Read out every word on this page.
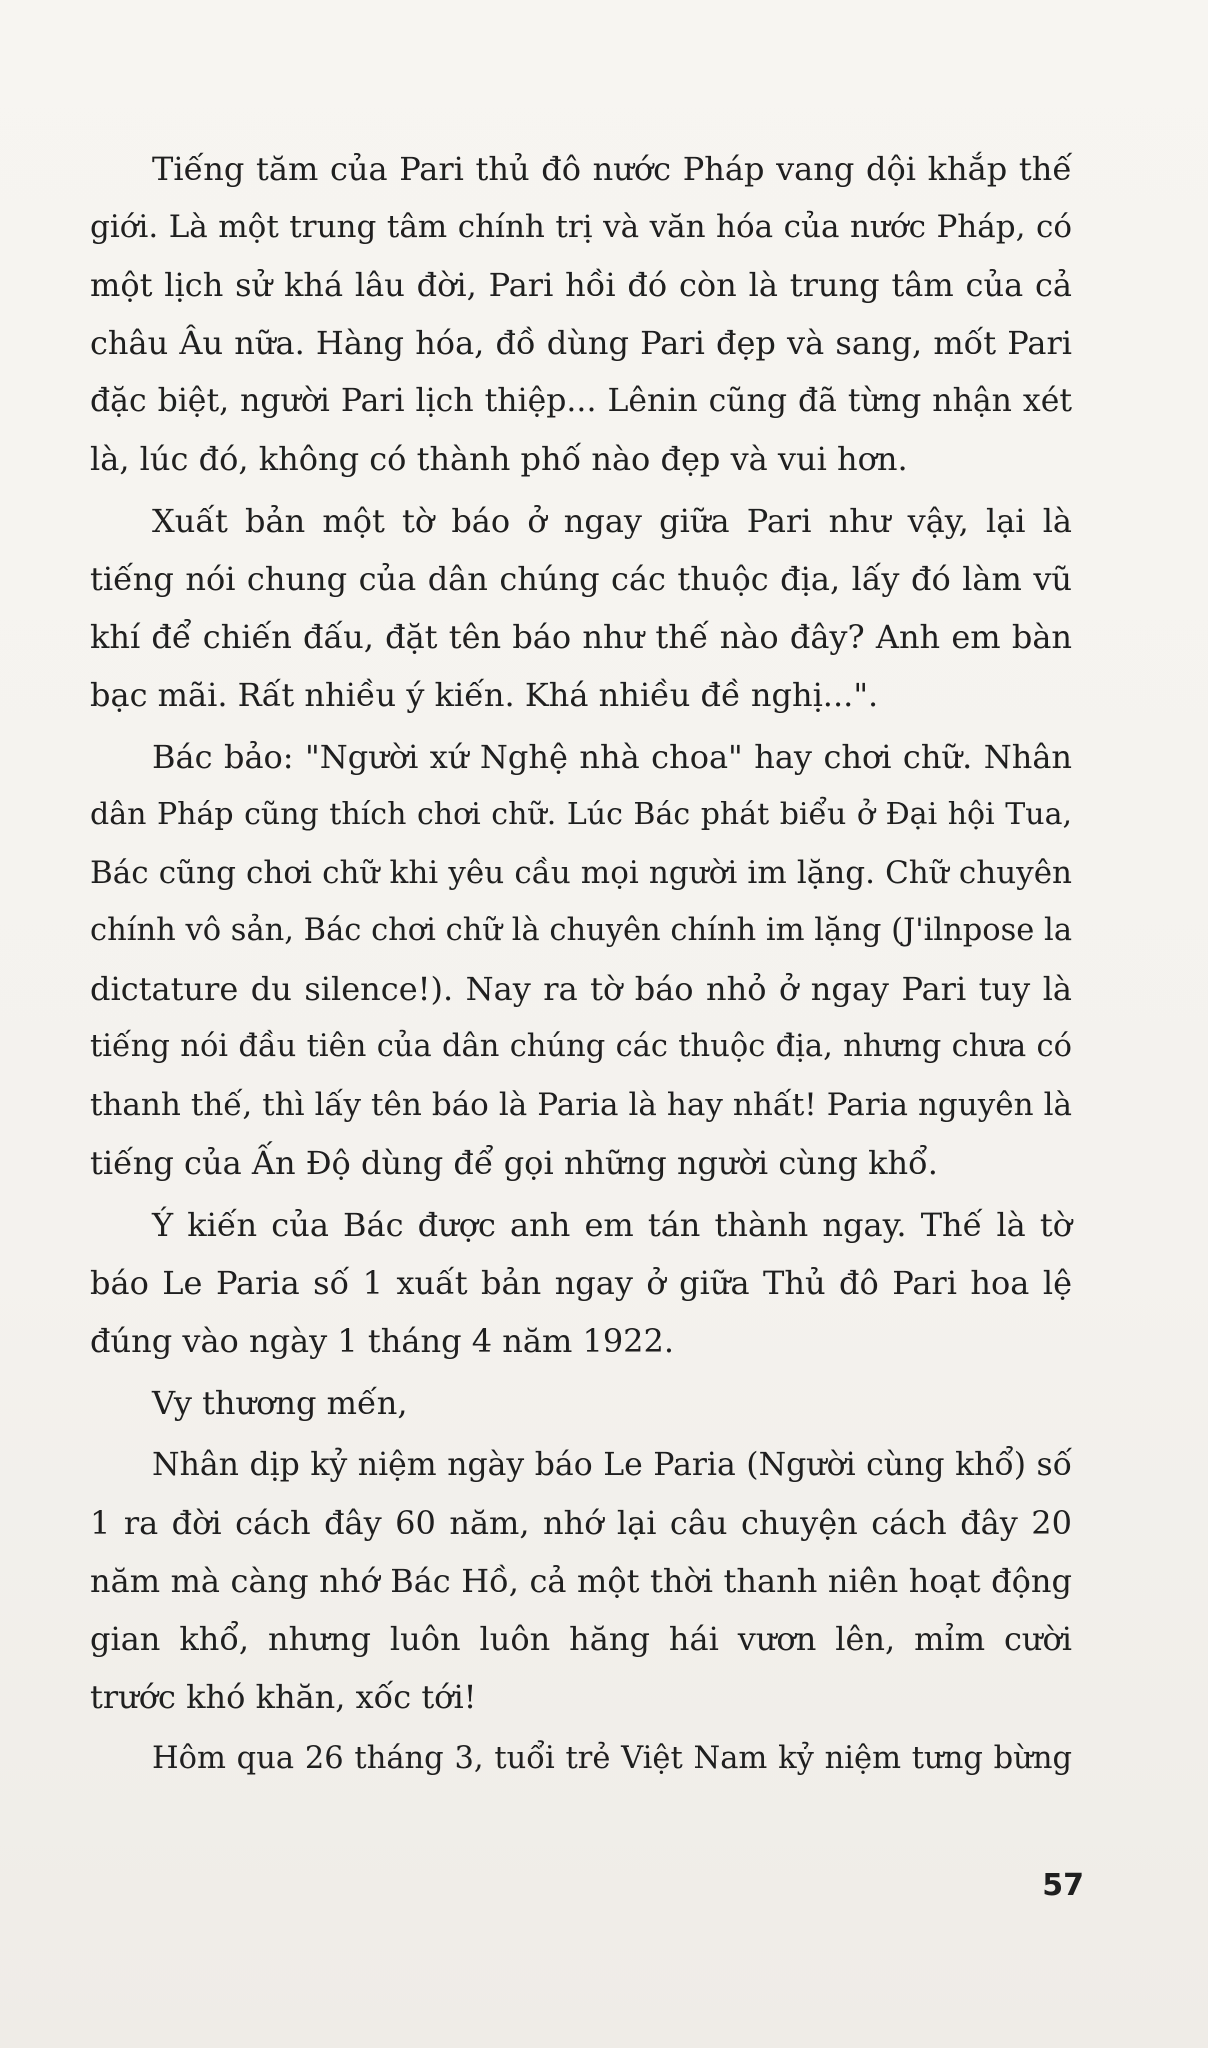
Tiếng tăm của Pari thủ đô nước Pháp vang dội khắp thế
giới. Là một trung tâm chính trị và văn hóa của nước Pháp, có
một lịch sử khá lâu đời, Pari hồi đó còn là trung tâm của cả
châu Âu nữa. Hàng hóa, đồ dùng Pari đẹp và sang, mốt Pari
đặc biệt, người Pari lịch thiệp... Lênin cũng đã từng nhận xét
là, lúc đó, không có thành phố nào đẹp và vui hơn.
Xuất bản một tờ báo ở ngay giữa Pari như vậy, lại là
tiếng nói chung của dân chúng các thuộc địa, lấy đó làm vũ
khí để chiến đấu, đặt tên báo như thế nào đây? Anh em bàn
bạc mãi. Rất nhiều ý kiến. Khá nhiều đề nghị...".
Bác bảo: "Người xứ Nghệ nhà choa" hay chơi chữ. Nhân
dân Pháp cũng thích chơi chữ. Lúc Bác phát biểu ở Đại hội Tua,
Bác cũng chơi chữ khi yêu cầu mọi người im lặng. Chữ chuyên
chính vô sản, Bác chơi chữ là chuyên chính im lặng (J'ilnpose la
dictature du silence!). Nay ra tờ báo nhỏ ở ngay Pari tuy là
tiếng nói đầu tiên của dân chúng các thuộc địa, nhưng chưa có
thanh thế, thì lấy tên báo là Paria là hay nhất! Paria nguyên là
tiếng của Ấn Độ dùng để gọi những người cùng khổ.
Ý kiến của Bác được anh em tán thành ngay. Thế là tờ
báo Le Paria số 1 xuất bản ngay ở giữa Thủ đô Pari hoa lệ
đúng vào ngày 1 tháng 4 năm 1922.
Vy thương mến,
Nhân dịp kỷ niệm ngày báo Le Paria (Người cùng khổ) số
1 ra đời cách đây 60 năm, nhớ lại câu chuyện cách đây 20
năm mà càng nhớ Bác Hồ, cả một thời thanh niên hoạt động
gian khổ, nhưng luôn luôn hăng hái vươn lên, mỉm cười
trước khó khăn, xốc tới!
Hôm qua 26 tháng 3, tuổi trẻ Việt Nam kỷ niệm tưng bừng
57
